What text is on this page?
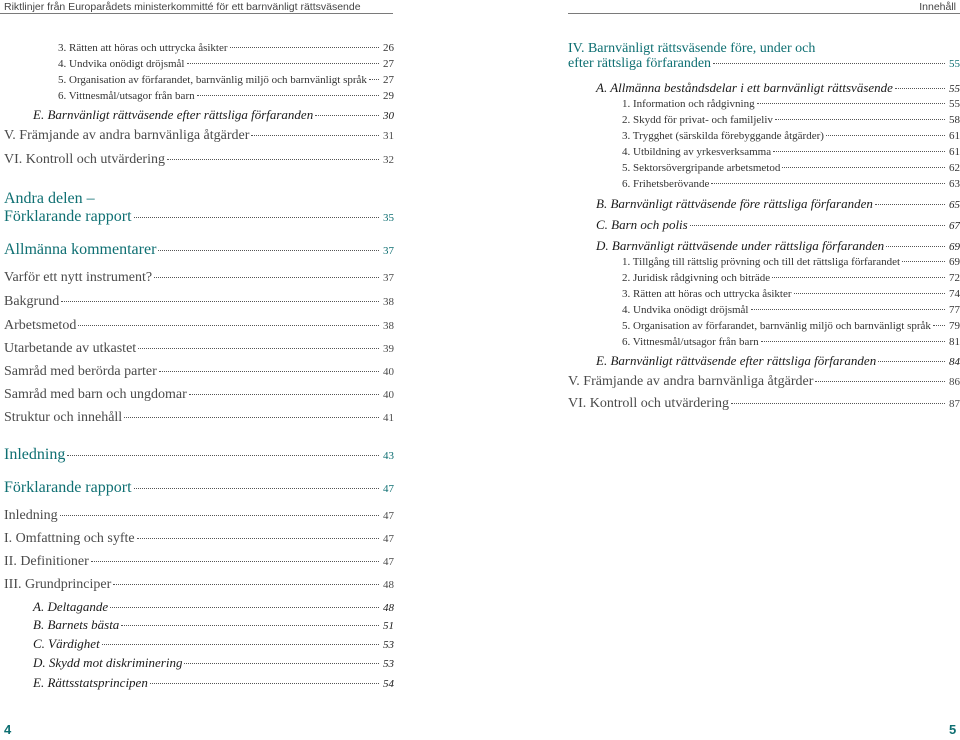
Riktlinjer från Europarådets ministerkommitté för ett barnvänligt rättsväsende	Innehåll
3. Rätten att höras och uttrycka åsikter	26
4. Undvika onödigt dröjsmål	27
5. Organisation av förfarandet, barnvänlig miljö och barnvänligt språk 27
6. Vittnesmål/utsagor från barn	29
E. Barnvänligt rättväsende efter rättsliga förfaranden	30
V. Främjande av andra barnvänliga åtgärder	31
VI. Kontroll och utvärdering	32
Andra delen –
Förklarande rapport	35
Allmänna kommentarer	37
Varför ett nytt instrument?	37
Bakgrund	38
Arbetsmetod	38
Utarbetande av utkastet	39
Samråd med berörda parter	40
Samråd med barn och ungdomar	40
Struktur och innehåll	41
Inledning	43
Förklarande rapport	47
Inledning	47
I. Omfattning och syfte	47
II. Definitioner	47
III. Grundprinciper	48
A. Deltagande	48
B. Barnets bästa	51
C. Värdighet	53
D. Skydd mot diskriminering	53
E. Rättsstatsprincipen	54
IV. Barnvänligt rättsväsende före, under och
efter rättsliga förfaranden	55
A. Allmänna beståndsdelar i ett barnvänligt rättsväsende	55
1. Information och rådgivning	55
2. Skydd för privat- och familjeliv	58
3. Trygghet (särskilda förebyggande åtgärder)	61
4. Utbildning av yrkesverksamma	61
5. Sektorsövergripande arbetsmetod	62
6. Frihetsberövande	63
B. Barnvänligt rättväsende före rättsliga förfaranden	65
C. Barn och polis	67
D. Barnvänligt rättväsende under rättsliga förfaranden	69
1. Tillgång till rättslig prövning och till det rättsliga förfarandet	69
2. Juridisk rådgivning och biträde	72
3. Rätten att höras och uttrycka åsikter	74
4. Undvika onödigt dröjsmål	77
5. Organisation av förfarandet, barnvänlig miljö och barnvänligt språk 79
6. Vittnesmål/utsagor från barn	81
E. Barnvänligt rättväsende efter rättsliga förfaranden	84
V. Främjande av andra barnvänliga åtgärder	86
VI. Kontroll och utvärdering	87
4	5
